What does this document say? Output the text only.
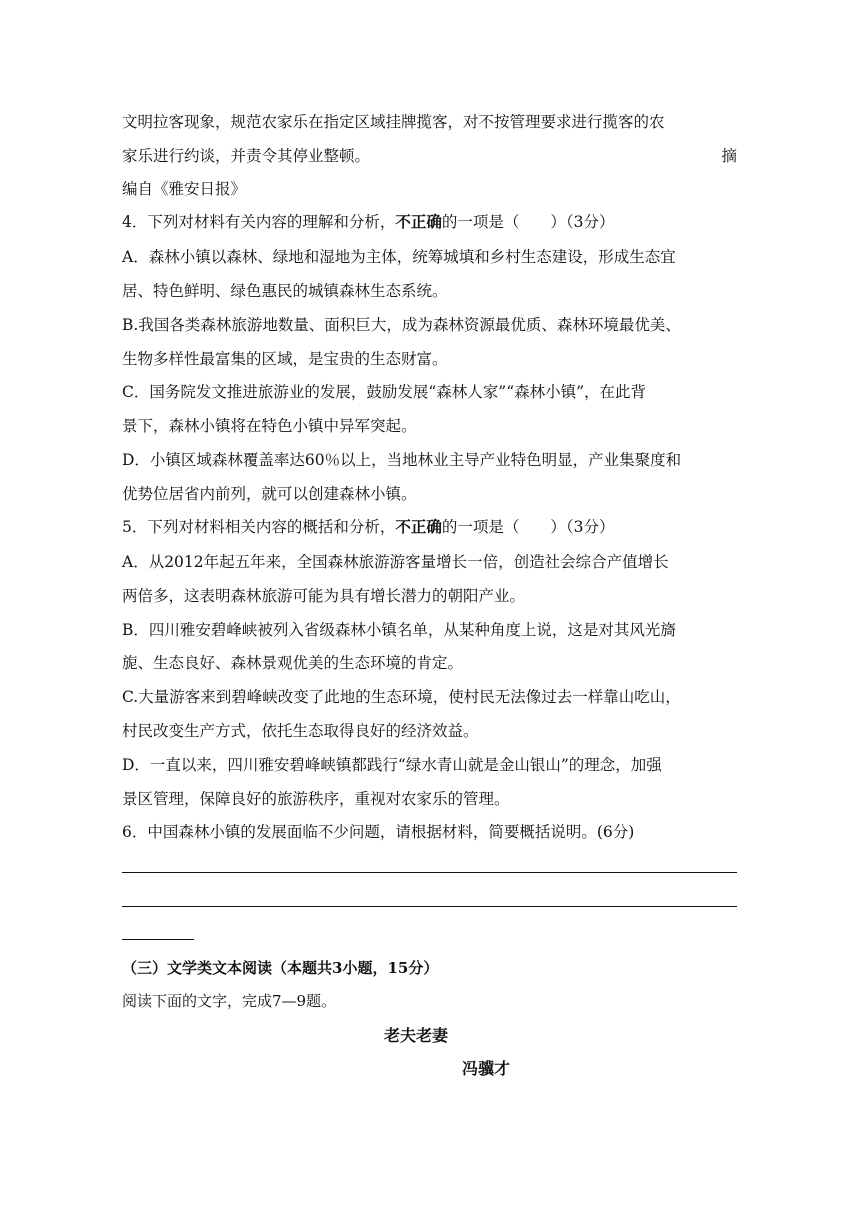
文明拉客现象，规范农家乐在指定区域挂牌揽客，对不按管理要求进行揽客的农
家乐进行约谈，并责令其停业整顿。	摘
编自《雅安日报》
4．下列对材料有关内容的理解和分析，不正确的一项是（　　）（3分）
A．森林小镇以森林、绿地和湿地为主体，统筹城填和乡村生态建设，形成生态宜
居、特色鲜明、绿色惠民的城镇森林生态系统。
B.我国各类森林旅游地数量、面积巨大，成为森林资源最优质、森林环境最优美、
生物多样性最富集的区域，是宝贵的生态财富。
C．国务院发文推进旅游业的发展，鼓励发展“森林人家”“森林小镇”，在此背
景下，森林小镇将在特色小镇中异军突起。
D．小镇区域森林覆盖率达60％以上，当地林业主导产业特色明显，产业集聚度和
优势位居省内前列，就可以创建森林小镇。
5．下列对材料相关内容的概括和分析，不正确的一项是（　　）（3分）
A．从2012年起五年来，全国森林旅游游客量增长一倍，创造社会综合产值增长
两倍多，这表明森林旅游可能为具有增长潜力的朝阳产业。
B．四川雅安碧峰峡被列入省级森林小镇名单，从某种角度上说，这是对其风光旖
旎、生态良好、森林景观优美的生态环境的肯定。
C.大量游客来到碧峰峡改变了此地的生态环境，使村民无法像过去一样靠山吃山，
村民改变生产方式，依托生态取得良好的经济效益。
D．一直以来，四川雅安碧峰峡镇都践行“绿水青山就是金山银山”的理念，加强
景区管理，保障良好的旅游秩序，重视对农家乐的管理。
6．中国森林小镇的发展面临不少问题，请根据材料，简要概括说明。(6分)
（三）文学类文本阅读（本题共3小题，15分）
阅读下面的文字，完成7—9题。
老夫老妻
冯骥才
